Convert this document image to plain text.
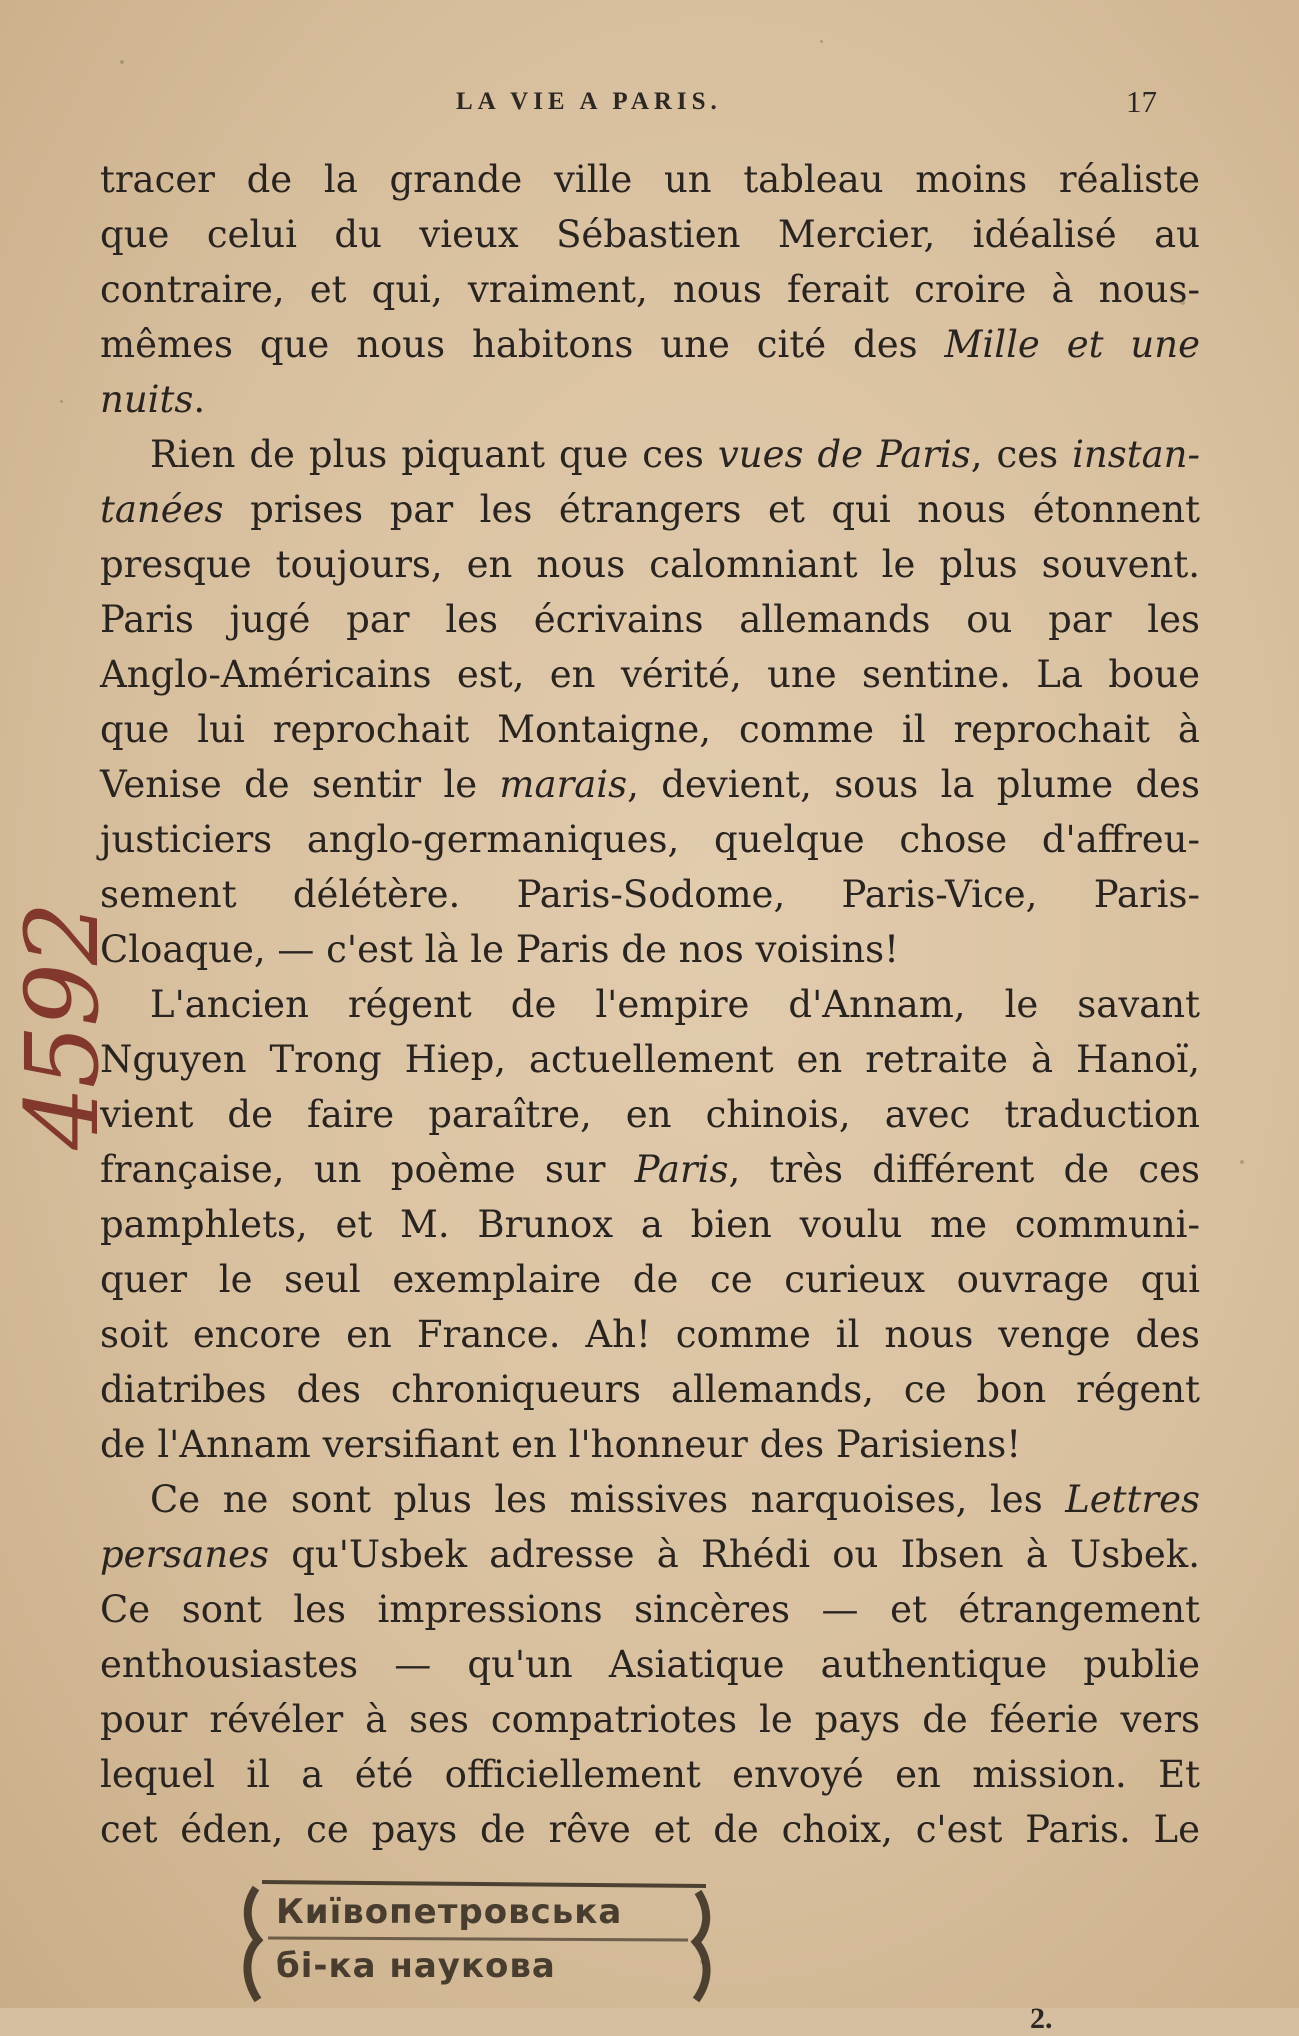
LA VIE A PARIS.	17
4592
tracer de la grande ville un tableau moins réaliste
que celui du vieux Sébastien Mercier, idéalisé au
contraire, et qui, vraiment, nous ferait croire à nous-
mêmes que nous habitons une cité des Mille et une
nuits.
Rien de plus piquant que ces vues de Paris, ces instan-
tanées prises par les étrangers et qui nous étonnent
presque toujours, en nous calomniant le plus souvent.
Paris jugé par les écrivains allemands ou par les
Anglo-Américains est, en vérité, une sentine. La boue
que lui reprochait Montaigne, comme il reprochait à
Venise de sentir le marais, devient, sous la plume des
justiciers anglo-germaniques, quelque chose d'affreu-
sement délétère. Paris-Sodome, Paris-Vice, Paris-
Cloaque, — c'est là le Paris de nos voisins!
L'ancien régent de l'empire d'Annam, le savant
Nguyen Trong Hiep, actuellement en retraite à Hanoï,
vient de faire paraître, en chinois, avec traduction
française, un poème sur Paris, très différent de ces
pamphlets, et M. Brunox a bien voulu me communi-
quer le seul exemplaire de ce curieux ouvrage qui
soit encore en France. Ah! comme il nous venge des
diatribes des chroniqueurs allemands, ce bon régent
de l'Annam versifiant en l'honneur des Parisiens!
Ce ne sont plus les missives narquoises, les Lettres
persanes qu'Usbek adresse à Rhédi ou Ibsen à Usbek.
Ce sont les impressions sincères — et étrangement
enthousiastes — qu'un Asiatique authentique publie
pour révéler à ses compatriotes le pays de féerie vers
lequel il a été officiellement envoyé en mission. Et
cet éden, ce pays de rêve et de choix, c'est Paris. Le
2.
Київопетровська
бі-ка наукова
